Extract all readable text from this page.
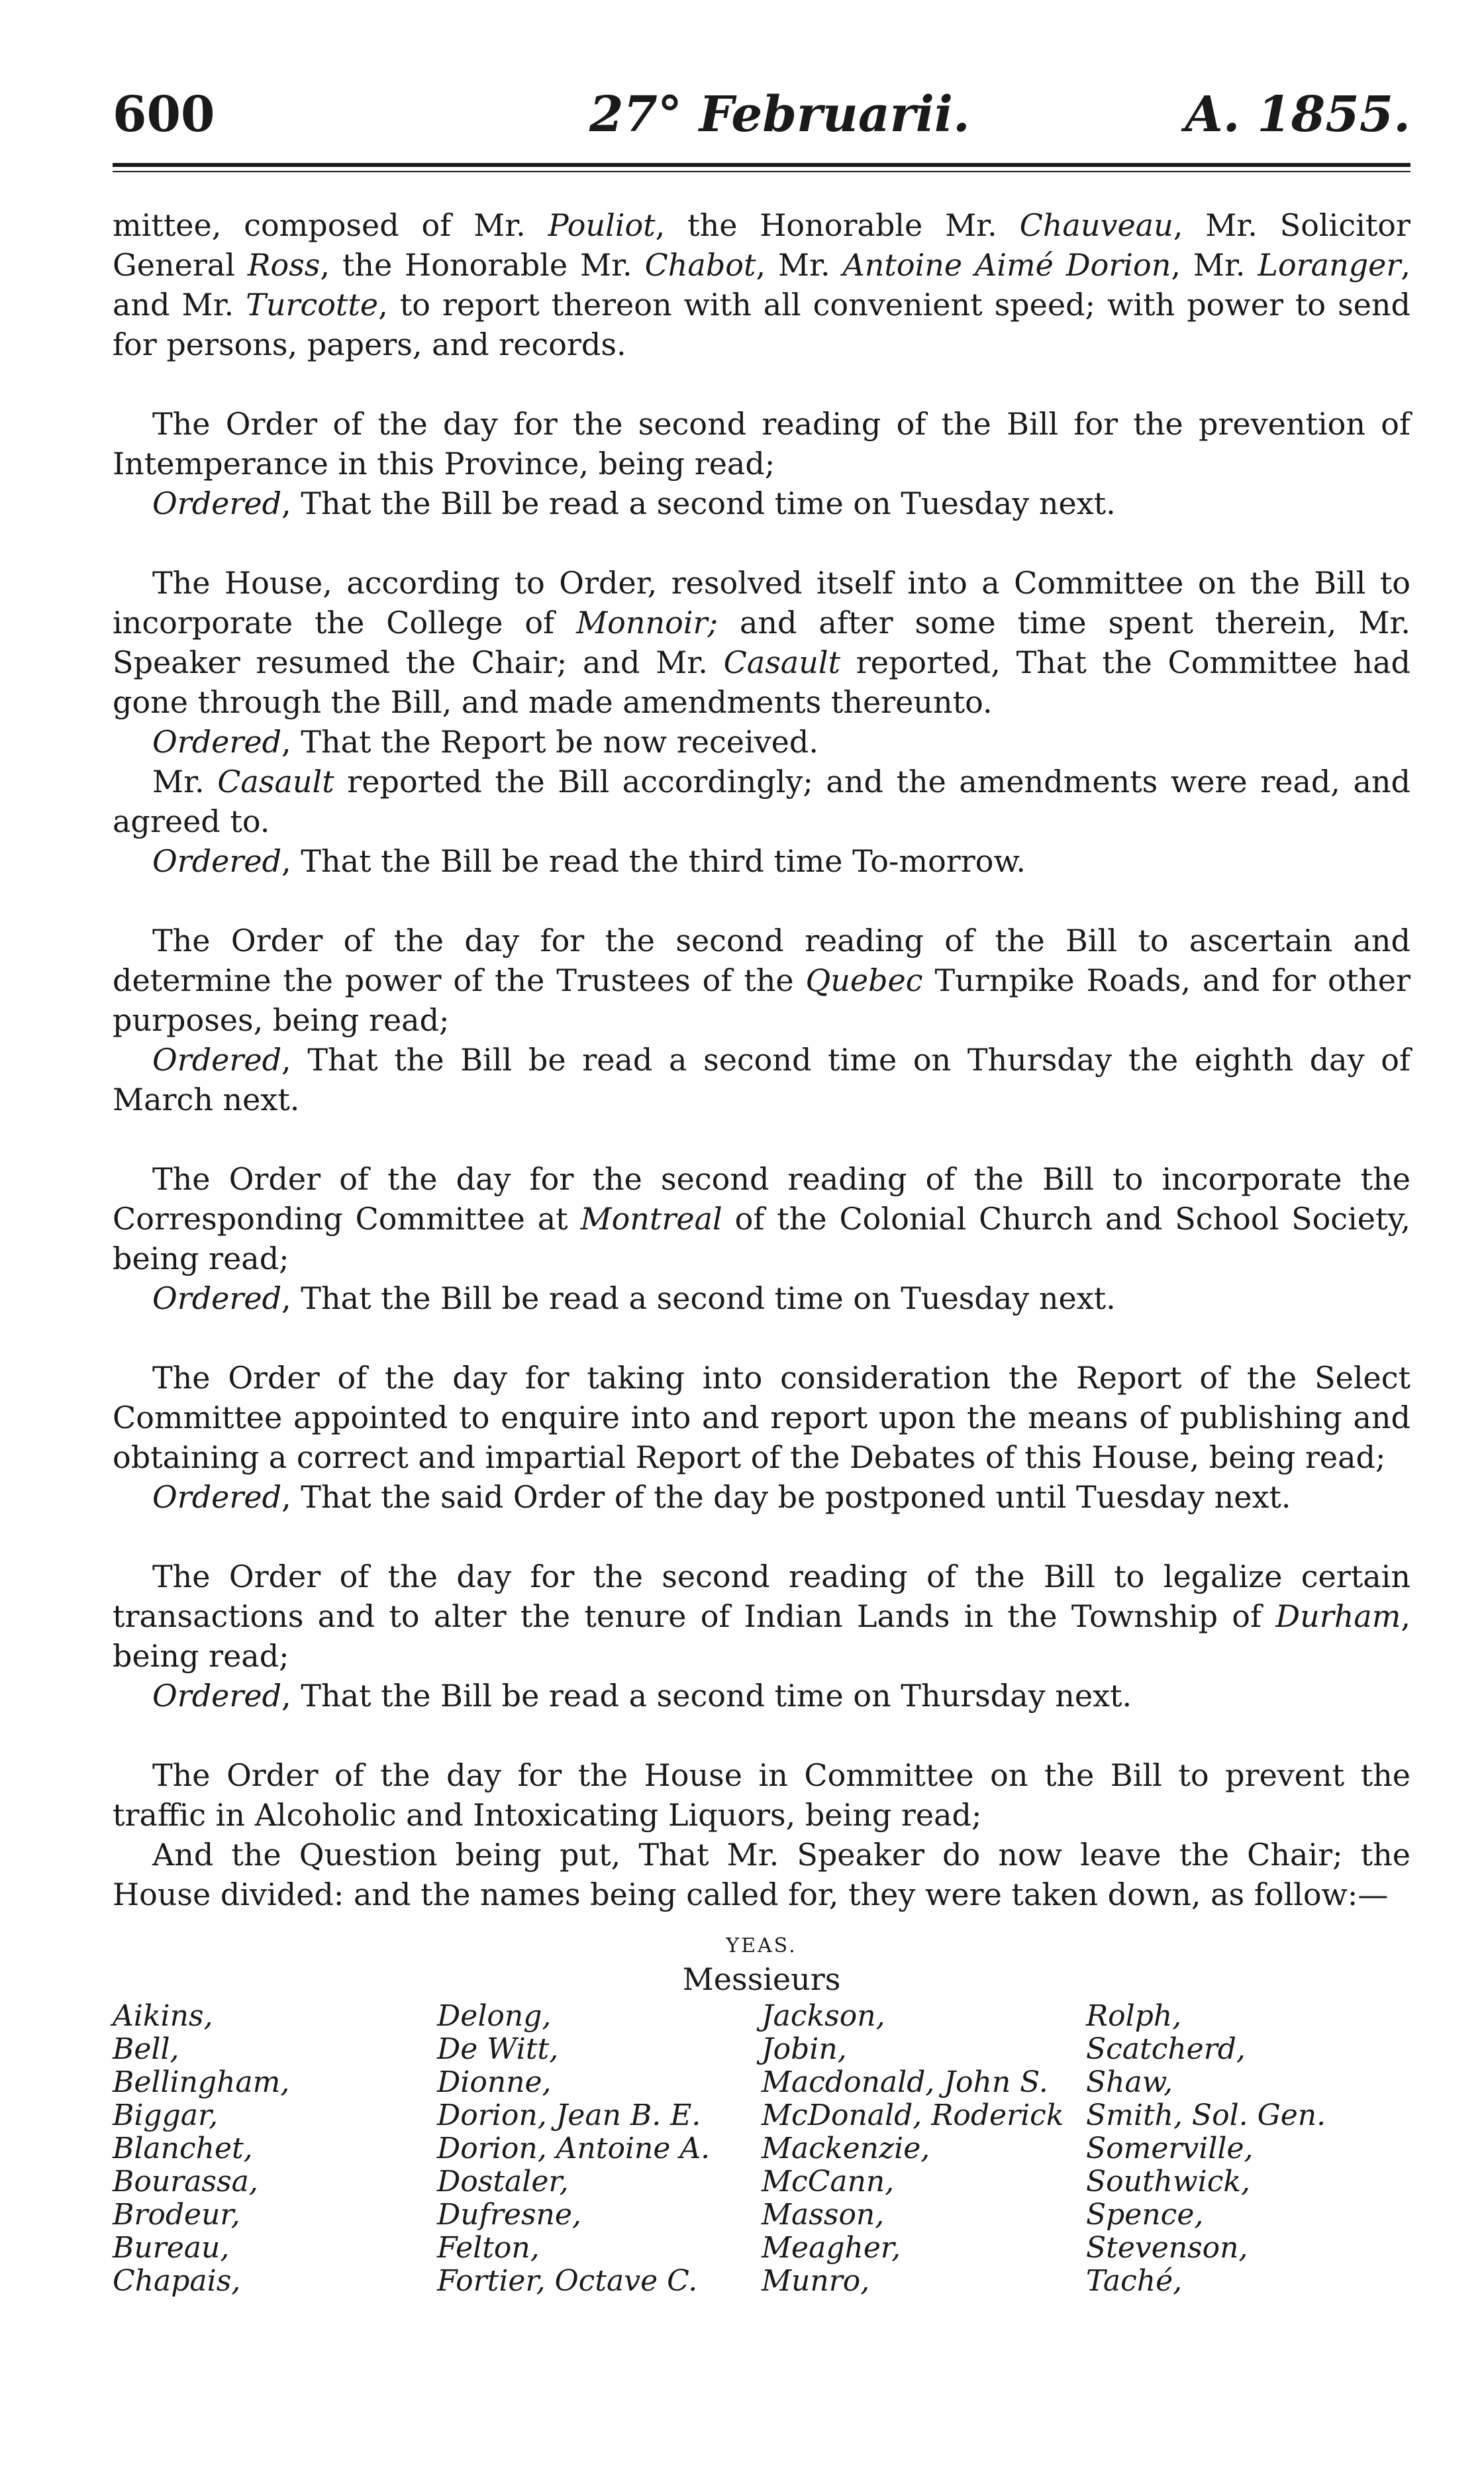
600	27° Februarii.	A. 1855.

mittee, composed of Mr. Pouliot, the Honorable Mr. Chauveau, Mr. Solicitor General Ross, the Honorable Mr. Chabot, Mr. Antoine Aimé Dorion, Mr. Loranger, and Mr. Turcotte, to report thereon with all convenient speed; with power to send for persons, papers, and records.

The Order of the day for the second reading of the Bill for the prevention of Intemperance in this Province, being read;

Ordered, That the Bill be read a second time on Tuesday next.

The House, according to Order, resolved itself into a Committee on the Bill to incorporate the College of Monnoir; and after some time spent therein, Mr. Speaker resumed the Chair; and Mr. Casault reported, That the Committee had gone through the Bill, and made amendments thereunto.

Ordered, That the Report be now received.

Mr. Casault reported the Bill accordingly; and the amendments were read, and agreed to.

Ordered, That the Bill be read the third time To-morrow.

The Order of the day for the second reading of the Bill to ascertain and determine the power of the Trustees of the Quebec Turnpike Roads, and for other purposes, being read;

Ordered, That the Bill be read a second time on Thursday the eighth day of March next.

The Order of the day for the second reading of the Bill to incorporate the Corresponding Committee at Montreal of the Colonial Church and School Society, being read;

Ordered, That the Bill be read a second time on Tuesday next.

The Order of the day for taking into consideration the Report of the Select Committee appointed to enquire into and report upon the means of publishing and obtaining a correct and impartial Report of the Debates of this House, being read;

Ordered, That the said Order of the day be postponed until Tuesday next.

The Order of the day for the second reading of the Bill to legalize certain transactions and to alter the tenure of Indian Lands in the Township of Durham, being read;

Ordered, That the Bill be read a second time on Thursday next.

The Order of the day for the House in Committee on the Bill to prevent the traffic in Alcoholic and Intoxicating Liquors, being read;

And the Question being put, That Mr. Speaker do now leave the Chair; the House divided: and the names being called for, they were taken down, as follow:—

YEAS.
Messieurs
Aikins,	Delong,	Jackson,	Rolph,
Bell,	De Witt,	Jobin,	Scatcherd,
Bellingham,	Dionne,	Macdonald, John S.	Shaw,
Biggar,	Dorion, Jean B. E.	McDonald, Roderick	Smith, Sol. Gen.
Blanchet,	Dorion, Antoine A.	Mackenzie,	Somerville,
Bourassa,	Dostaler,	McCann,	Southwick,
Brodeur,	Dufresne,	Masson,	Spence,
Bureau,	Felton,	Meagher,	Stevenson,
Chapais,	Fortier, Octave C.	Munro,	Taché,
